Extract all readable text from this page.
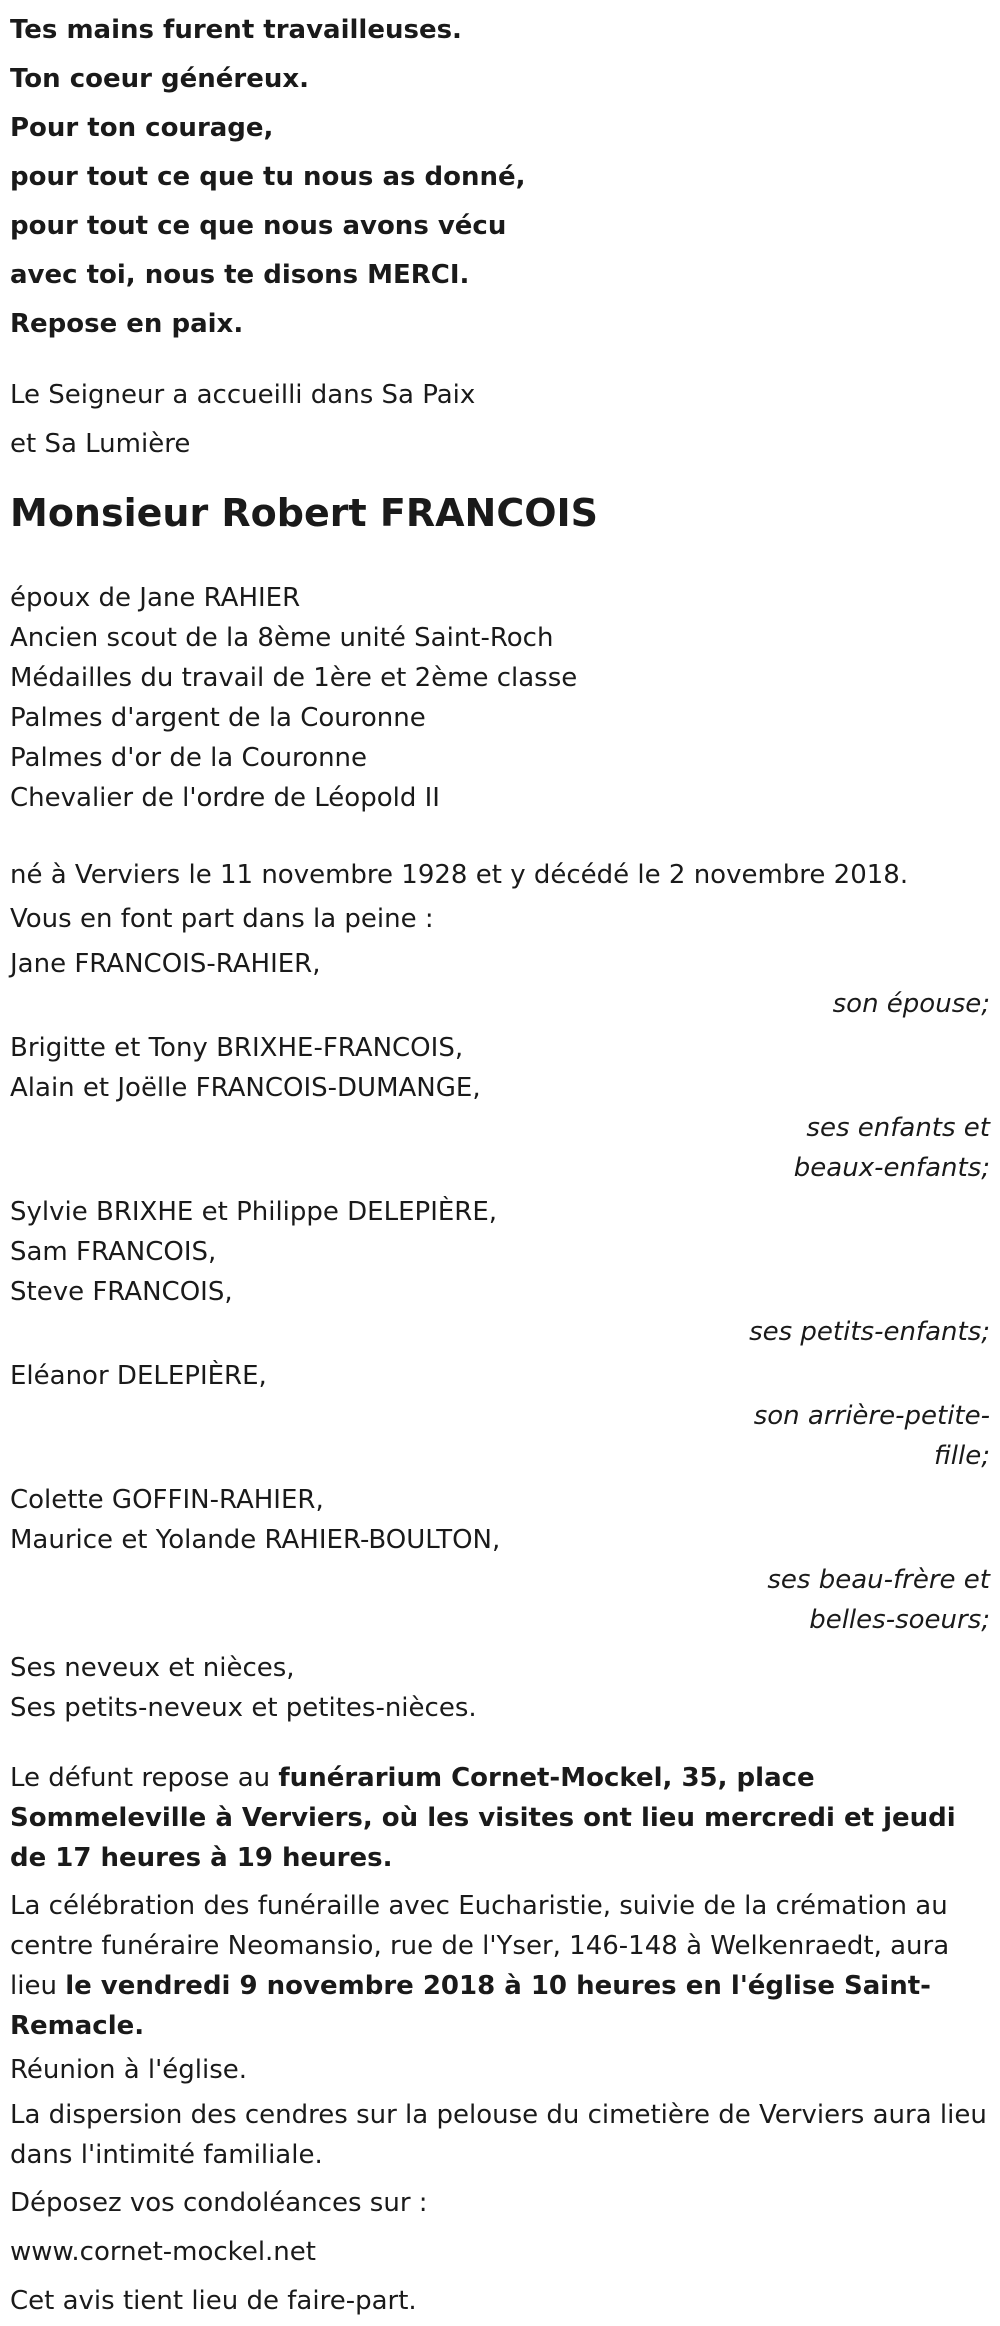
Tes mains furent travailleuses.
Ton coeur généreux.
Pour ton courage,
pour tout ce que tu nous as donné,
pour tout ce que nous avons vécu
avec toi, nous te disons MERCI.
Repose en paix.
Le Seigneur a accueilli dans Sa Paix
et Sa Lumière
Monsieur Robert FRANCOIS
époux de Jane RAHIER
Ancien scout de la 8ème unité Saint-Roch
Médailles du travail de 1ère et 2ème classe
Palmes d'argent de la Couronne
Palmes d'or de la Couronne
Chevalier de l'ordre de Léopold II
né à Verviers le 11 novembre 1928 et y décédé le 2 novembre 2018.
Vous en font part dans la peine :
Jane FRANCOIS-RAHIER,
son épouse;
Brigitte et Tony BRIXHE-FRANCOIS,
Alain et Joëlle FRANCOIS-DUMANGE,
ses enfants et
beaux-enfants;
Sylvie BRIXHE et Philippe DELEPIÈRE,
Sam FRANCOIS,
Steve FRANCOIS,
ses petits-enfants;
Eléanor DELEPIÈRE,
son arrière-petite-
fille;
Colette GOFFIN-RAHIER,
Maurice et Yolande RAHIER-BOULTON,
ses beau-frère et
belles-soeurs;
Ses neveux et nièces,
Ses petits-neveux et petites-nièces.
Le défunt repose au funérarium Cornet-Mockel, 35, place Sommeleville à Verviers, où les visites ont lieu mercredi et jeudi de 17 heures à 19 heures.
La célébration des funéraille avec Eucharistie, suivie de la crémation au centre funéraire Neomansio, rue de l'Yser, 146-148 à Welkenraedt, aura lieu le vendredi 9 novembre 2018 à 10 heures en l'église Saint-Remacle.
Réunion à l'église.
La dispersion des cendres sur la pelouse du cimetière de Verviers aura lieu dans l'intimité familiale.
Déposez vos condoléances sur :
www.cornet-mockel.net
Cet avis tient lieu de faire-part.
